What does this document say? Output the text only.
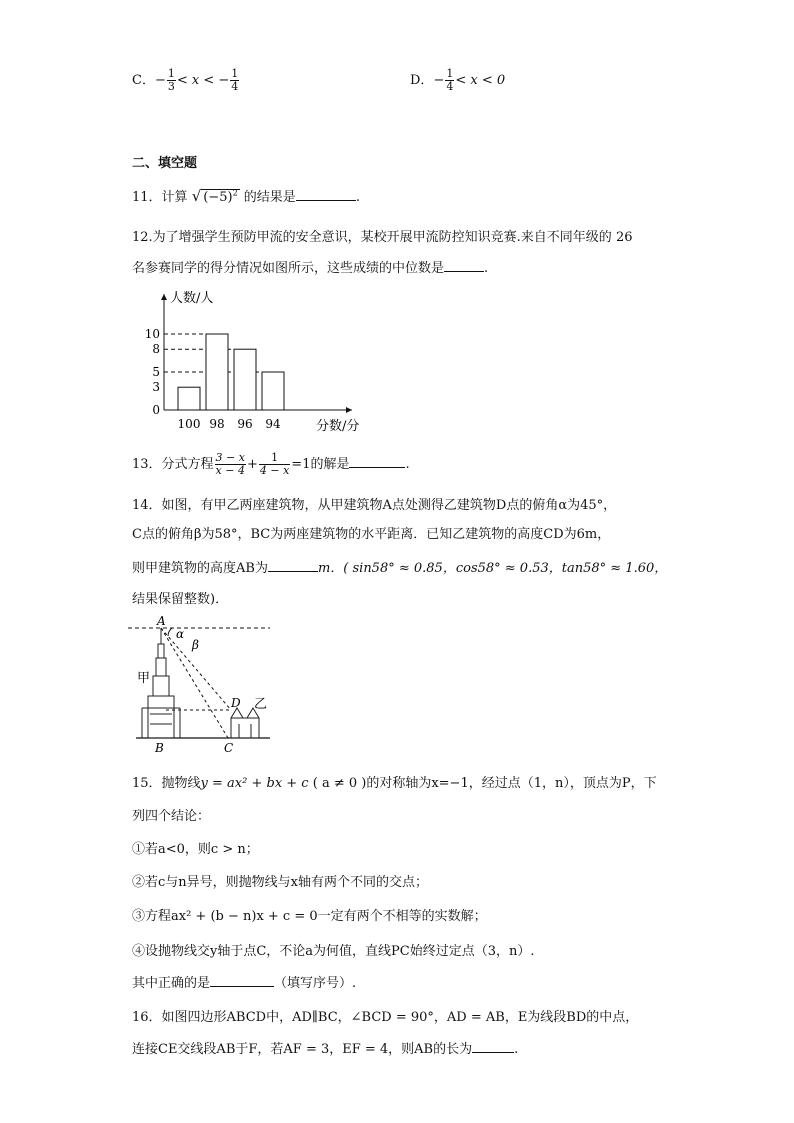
C．− $\frac{1}{3} < x$ < − $\frac{1}{4}$	D．− $\frac{1}{4} < x < 0$
二、填空题
11．计算 √ $(-5)^2$ 的结果是	.
12.为了增强学生预防甲流的安全意识，某校开展甲流防控知识竞赛.来自不同年级的 26
名参赛同学的得分情况如图所示，这些成绩的中位数是	.
人数/人
分数/分
100 98 96 94
10
8
5
3
0
13．分式方程 $\frac{3 - x}{x - 4} + \frac{1}{4 - x} =1$的解是	.
14．如图，有甲乙两座建筑物，从甲建筑物A点处测得乙建筑物D点的俯角α为45°，
C点的俯角β为58°，BC为两座建筑物的水平距离．已知乙建筑物的高度CD为6m，
则甲建筑物的高度AB为	m．( sin58° ≈ 0.85，cos58° ≈ 0.53，tan58° ≈ 1.60，
结果保留整数)．
A
α
β
甲
D 乙
B	C
15．抛物线y = ax² + bx + c ( a ≠ 0 )的对称轴为x=−1，经过点（1，n），顶点为P，下
列四个结论：
①若a<0，则c > n；
②若c与n异号，则抛物线与x轴有两个不同的交点；
③方程ax² + (b − n)x + c = 0一定有两个不相等的实数解；
④设抛物线交y轴于点C，不论a为何值，直线PC始终过定点（3，n）.
其中正确的是	（填写序号）.
16．如图四边形ABCD中，AD∥BC，∠BCD = 90°，AD = AB，E为线段BD的中点，
连接CE交线段AB于F，若AF = 3，EF = 4，则AB的长为	.
